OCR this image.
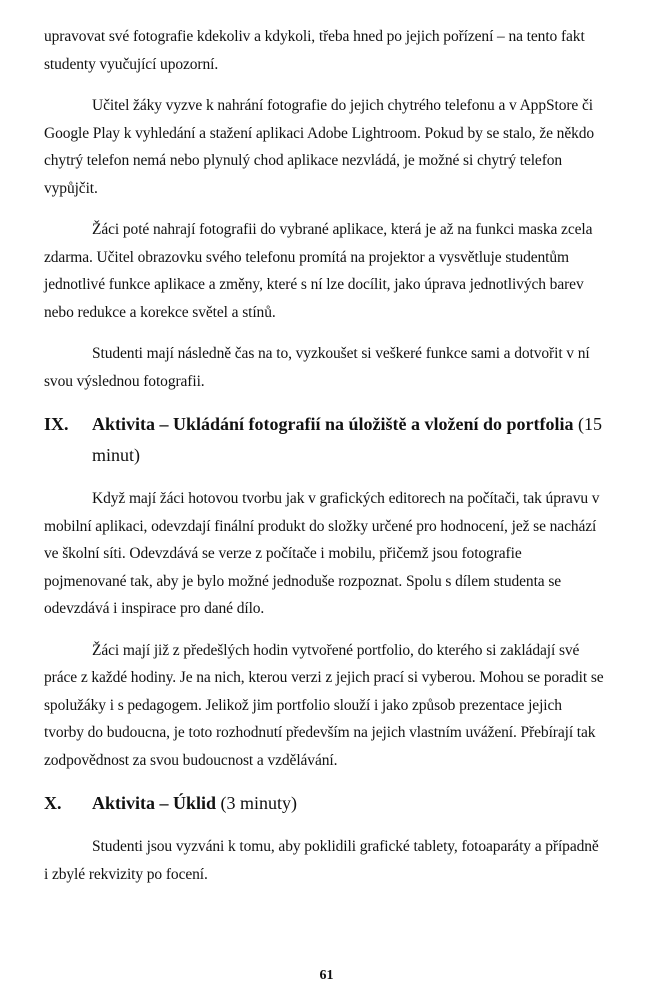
upravovat své fotografie kdekoliv a kdykoli, třeba hned po jejich pořízení – na tento fakt studenty vyučující upozorní.

Učitel žáky vyzve k nahrání fotografie do jejich chytrého telefonu a v AppStore či Google Play k vyhledání a stažení aplikaci Adobe Lightroom. Pokud by se stalo, že někdo chytrý telefon nemá nebo plynulý chod aplikace nezvládá, je možné si chytrý telefon vypůjčit.

Žáci poté nahrají fotografii do vybrané aplikace, která je až na funkci maska zcela zdarma. Učitel obrazovku svého telefonu promítá na projektor a vysvětluje studentům jednotlivé funkce aplikace a změny, které s ní lze docílit, jako úprava jednotlivých barev nebo redukce a korekce světel a stínů.

Studenti mají následně čas na to, vyzkoušet si veškeré funkce sami a dotvořit v ní svou výslednou fotografii.

IX.	Aktivita – Ukládání fotografií na úložiště a vložení do portfolia (15 minut)

Když mají žáci hotovou tvorbu jak v grafických editorech na počítači, tak úpravu v mobilní aplikaci, odevzdají finální produkt do složky určené pro hodnocení, jež se nachází ve školní síti. Odevzdává se verze z počítače i mobilu, přičemž jsou fotografie pojmenované tak, aby je bylo možné jednoduše rozpoznat. Spolu s dílem studenta se odevzdává i inspirace pro dané dílo.

Žáci mají již z předešlých hodin vytvořené portfolio, do kterého si zakládají své práce z každé hodiny. Je na nich, kterou verzi z jejich prací si vyberou. Mohou se poradit se spolužáky i s pedagogem. Jelikož jim portfolio slouží i jako způsob prezentace jejich tvorby do budoucna, je toto rozhodnutí především na jejich vlastním uvážení. Přebírají tak zodpovědnost za svou budoucnost a vzdělávání.

X.	Aktivita – Úklid (3 minuty)

Studenti jsou vyzváni k tomu, aby poklidili grafické tablety, fotoaparáty a případně i zbylé rekvizity po focení.

61
